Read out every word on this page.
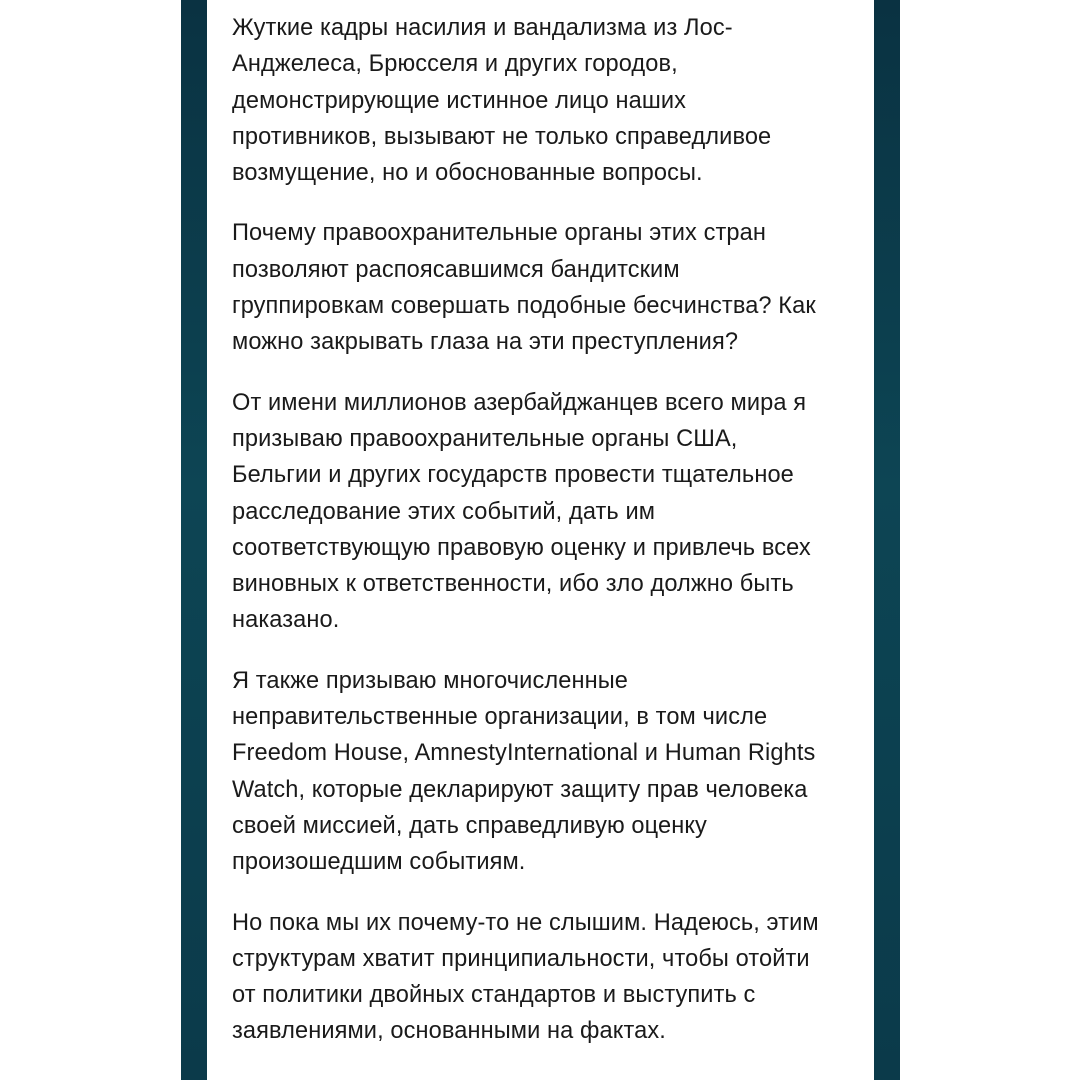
Жуткие кадры насилия и вандализма из Лос-
Анджелеса, Брюсселя и других городов,
демонстрирующие истинное лицо наших
противников, вызывают не только справедливое
возмущение, но и обоснованные вопросы.

Почему правоохранительные органы этих стран
позволяют распоясавшимся бандитским
группировкам совершать подобные бесчинства? Как
можно закрывать глаза на эти преступления?

От имени миллионов азербайджанцев всего мира я
призываю правоохранительные органы США,
Бельгии и других государств провести тщательное
расследование этих событий, дать им
соответствующую правовую оценку и привлечь всех
виновных к ответственности, ибо зло должно быть
наказано.

Я также призываю многочисленные
неправительственные организации, в том числе
Freedom House, AmnestyInternational и Human Rights
Watch, которые декларируют защиту прав человека
своей миссией, дать справедливую оценку
произошедшим событиям.

Но пока мы их почему-то не слышим. Надеюсь, этим
структурам хватит принципиальности, чтобы отойти
от политики двойных стандартов и выступить с
заявлениями, основанными на фактах.
